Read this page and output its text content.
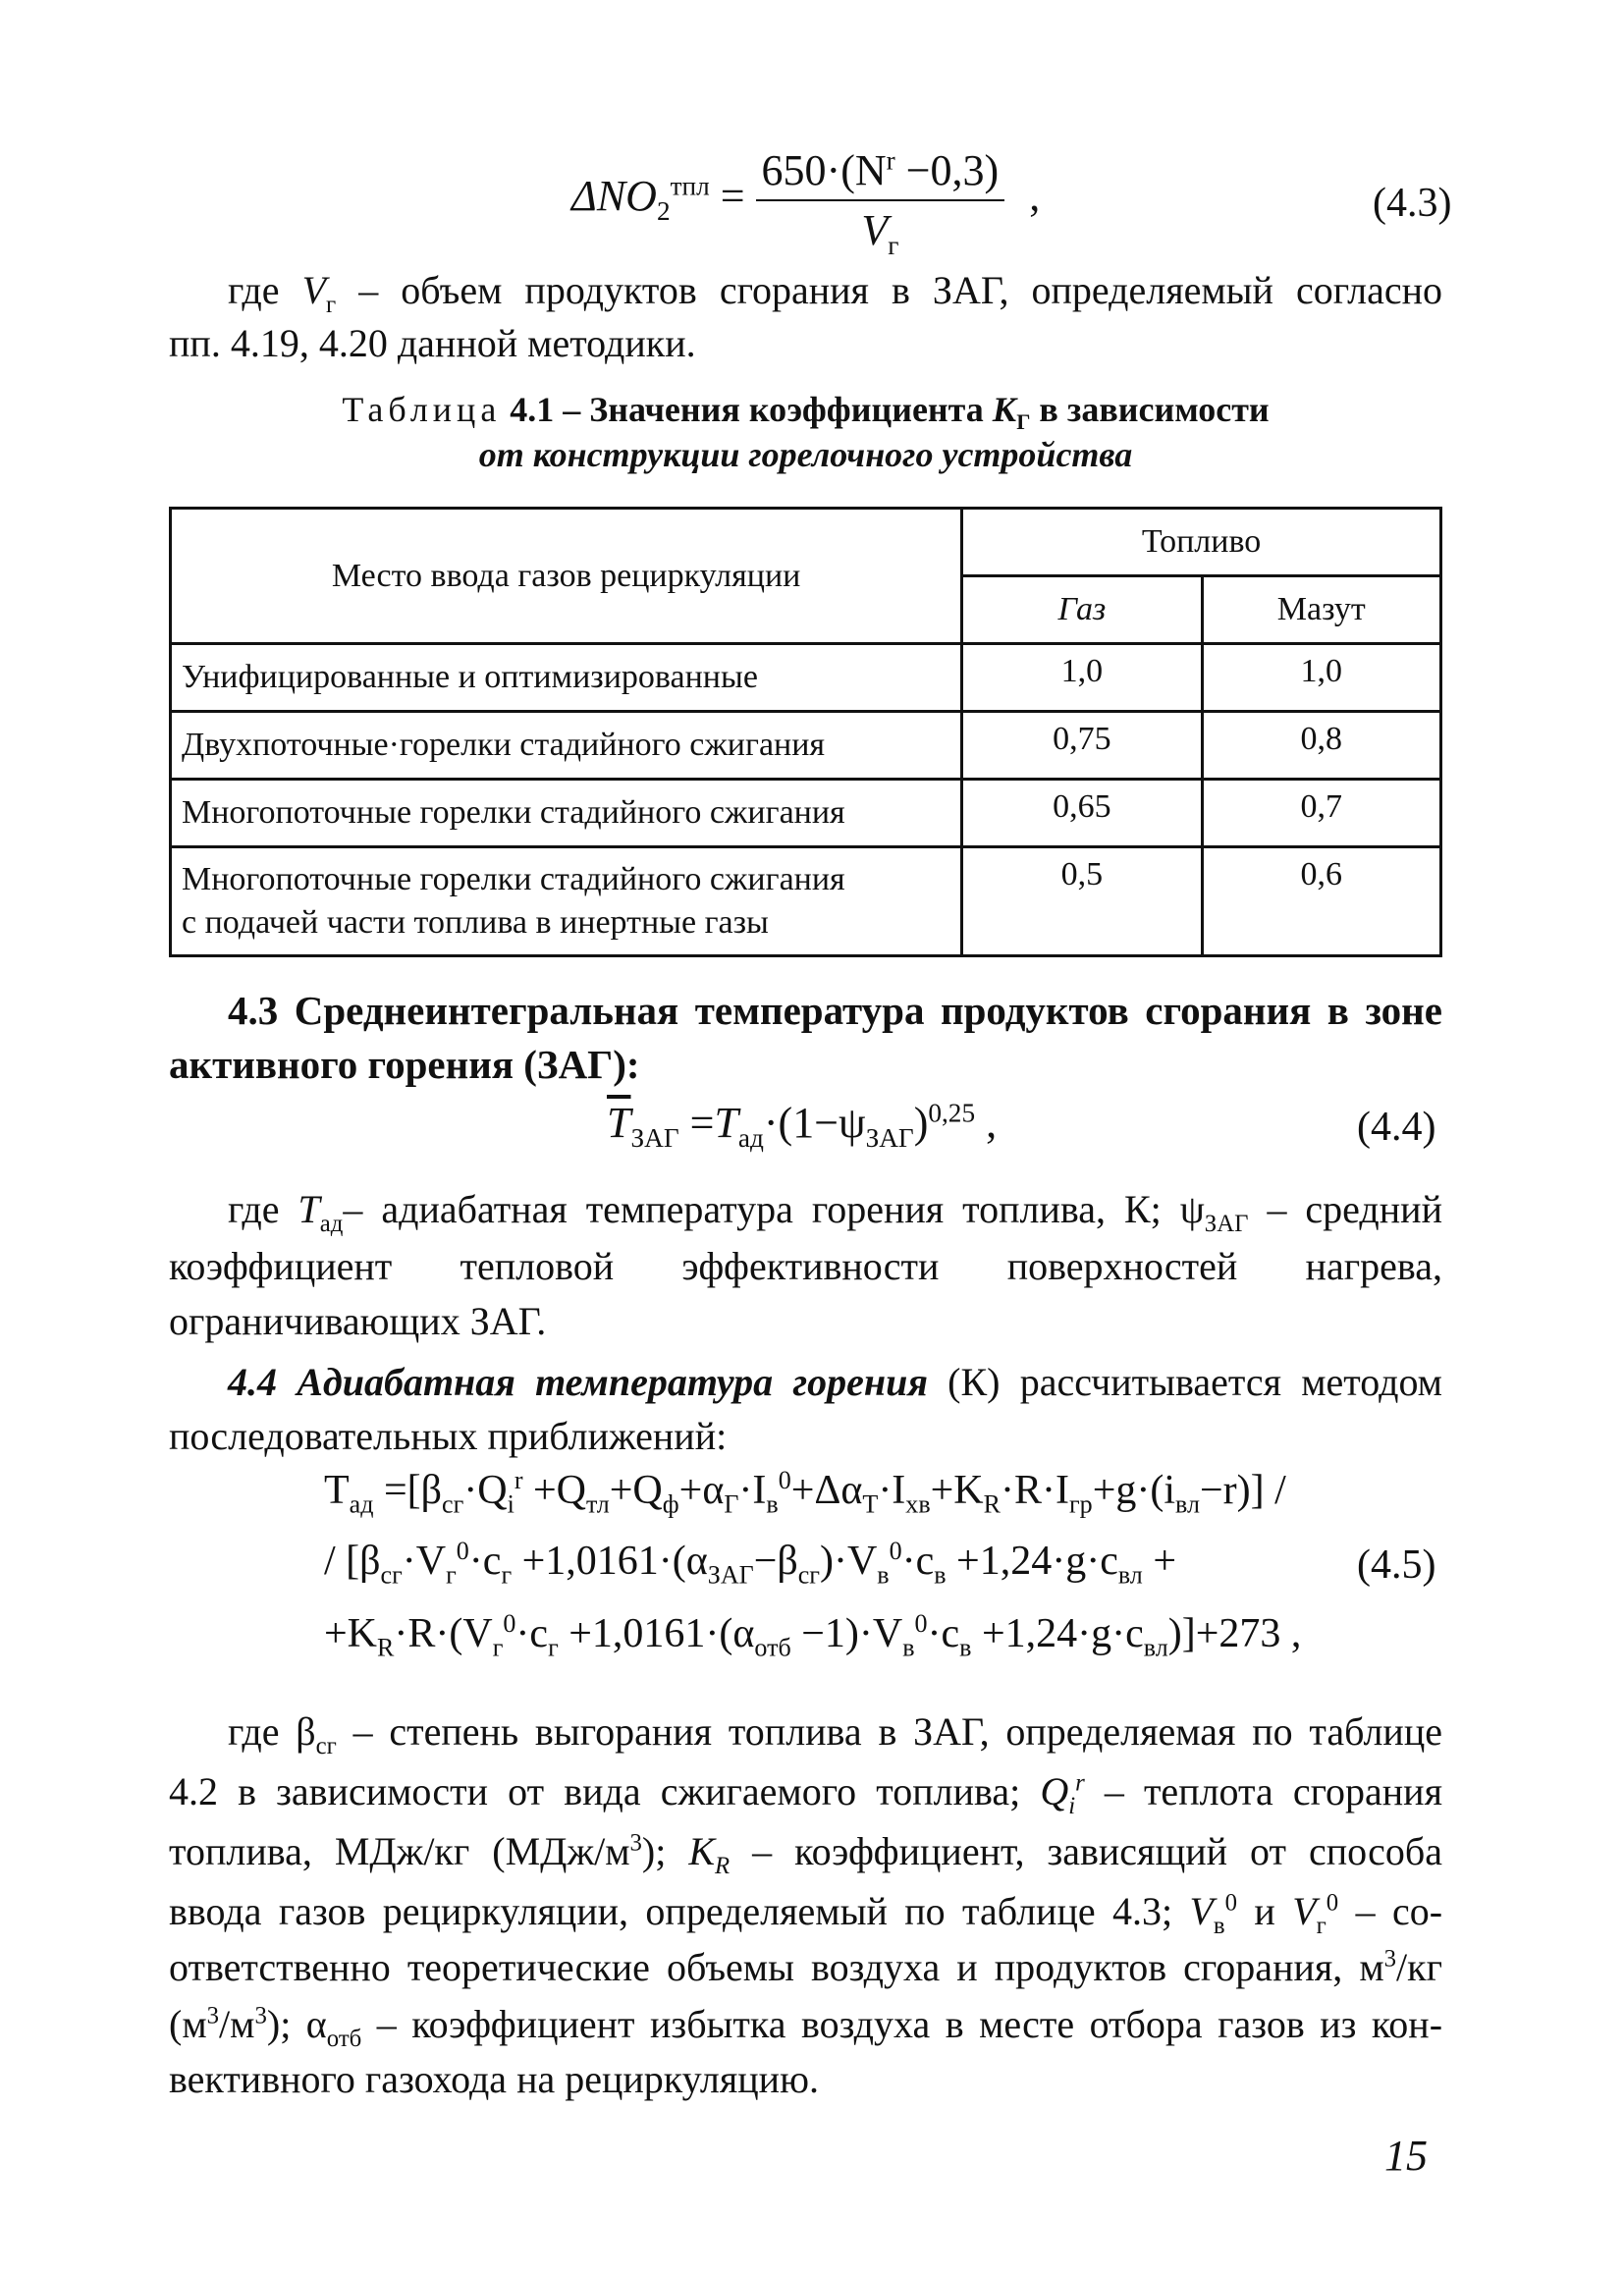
$\Delta NO_2^{тпл} = \frac{650\cdot(N^r -0,3)}{V_г}$ ,	(4.3)
где $V_г$ – объем продуктов сгорания в ЗАГ, определяемый согласно
пп. 4.19, 4.20 данной методики.
Таблица 4.1 – Значения коэффициента $К_Г$ в зависимости
от конструкции горелочного устройства
Место ввода газов рециркуляции	Топливо	
	Газ	Мазут
Унифицированные и оптимизированные	1,0	1,0
Двухпоточные·горелки стадийного сжигания	0,75	0,8
Многопоточные горелки стадийного сжигания	0,65	0,7

Многопоточные горелки стадийного сжигания
с подачей части топлива в инертные газы	0,5	0,6
4.3 Среднеинтегральная температура продуктов сгорания в зоне
активного горения (ЗАГ):
$\overline{T}_{ЗАГ} =T_{ад}\cdot(1-\psi_{ЗАГ})^{0,25}$ ,	(4.4)
где $T_{ад}-$ адиабатная температура горения топлива, К; $\psi_{ЗАГ}$ – средний
коэффициент тепловой эффективности поверхностей нагрева,
ограничивающих ЗАГ.
4.4 Адиабатная температура горения (К) рассчитывается методом
последовательных приближений:
$T_{ад} =[\beta_{сг}\cdot Q_i^r +Q_{тл}+Q_ф+\alpha_Г\cdot I_в^0+\Delta\alpha_Т\cdot I_{хв}+K_R\cdot R\cdot I_{гр}+g\cdot(i_{вл}-r)]$ /
/ [$\beta_{сг}\cdot V_г^0\cdot c_г +1,0161\cdot(\alpha_{ЗАГ}-\beta_{сг})\cdot V_в^0\cdot c_в +1,24\cdot g\cdot c_{вл}$ +
$+K_R\cdot R\cdot(V_г^0\cdot c_г +1,0161\cdot(\alpha_{отб} -1)\cdot V_в^0\cdot c_в +1,24\cdot g\cdot c_{вл})]+273$ ,
(4.5)
где $\beta_{сг}$ – степень выгорания топлива в ЗАГ, определяемая по таблице
4.2 в зависимости от вида сжигаемого топлива; $Q_i^r$ – теплота сгорания
топлива, МДж/кг $(МДж/м^3)$; $K_R$ – коэффициент, зависящий от способа
ввода газов рециркуляции, определяемый по таблице 4.3; $V_в^0$ и $V_г^0 - со-$
ответственно теоретические объемы воздуха и продуктов сгорания, $м^3/кг$
$(м^3/м^3)$; $\alpha_{отб}$ – коэффициент избытка воздуха в месте отбора газов из кон-
вективного газохода на рециркуляцию.
15
